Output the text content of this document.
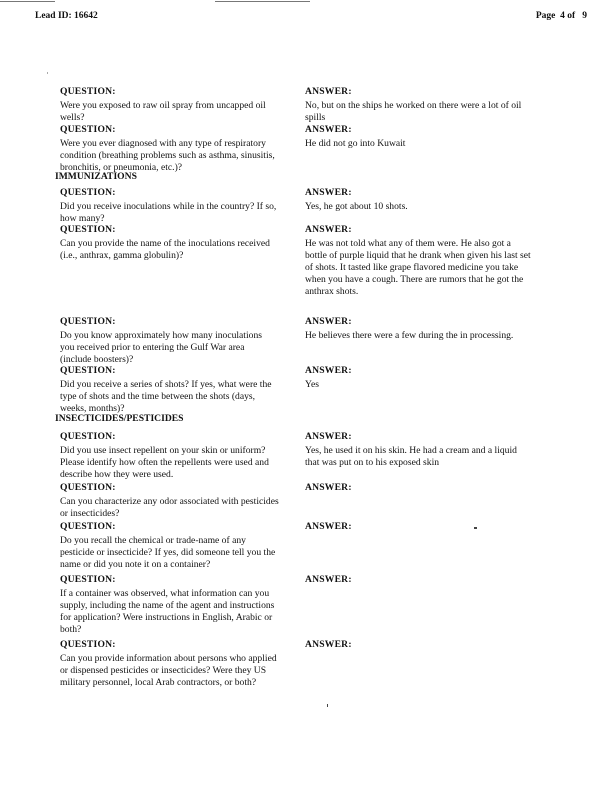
Lead ID: 16642	Page  4 of   9
IMMUNIZATIONS
INSECTICIDES/PESTICIDES
QUESTION:
Were you exposed to raw oil spray from uncapped oil
wells?
ANSWER:
No, but on the ships he worked on there were a lot of oil
spills
QUESTION:
Were you ever diagnosed with any type of respiratory
condition (breathing problems such as asthma, sinusitis,
bronchitis, or pneumonia, etc.)?
ANSWER:
He did not go into Kuwait
QUESTION:
Did you receive inoculations while in the country? If so,
how many?
ANSWER:
Yes, he got about 10 shots.
QUESTION:
Can you provide the name of the inoculations received
(i.e., anthrax, gamma globulin)?
ANSWER:
He was not told what any of them were. He also got a
bottle of purple liquid that he drank when given his last set
of shots. It tasted like grape flavored medicine you take
when you have a cough. There are rumors that he got the
anthrax shots.
QUESTION:
Do you know approximately how many inoculations
you received prior to entering the Gulf War area
(include boosters)?
ANSWER:
He believes there were a few during the in processing.
QUESTION:
Did you receive a series of shots? If yes, what were the
type of shots and the time between the shots (days,
weeks, months)?
ANSWER:
Yes
QUESTION:
Did you use insect repellent on your skin or uniform?
Please identify how often the repellents were used and
describe how they were used.
ANSWER:
Yes, he used it on his skin. He had a cream and a liquid
that was put on to his exposed skin
QUESTION:
Can you characterize any odor associated with pesticides
or insecticides?
ANSWER:
QUESTION:
Do you recall the chemical or trade-name of any
pesticide or insecticide? If yes, did someone tell you the
name or did you note it on a container?
ANSWER:
QUESTION:
If a container was observed, what information can you
supply, including the name of the agent and instructions
for application? Were instructions in English, Arabic or
both?
ANSWER:
QUESTION:
Can you provide information about persons who applied
or dispensed pesticides or insecticides? Were they US
military personnel, local Arab contractors, or both?
ANSWER:
